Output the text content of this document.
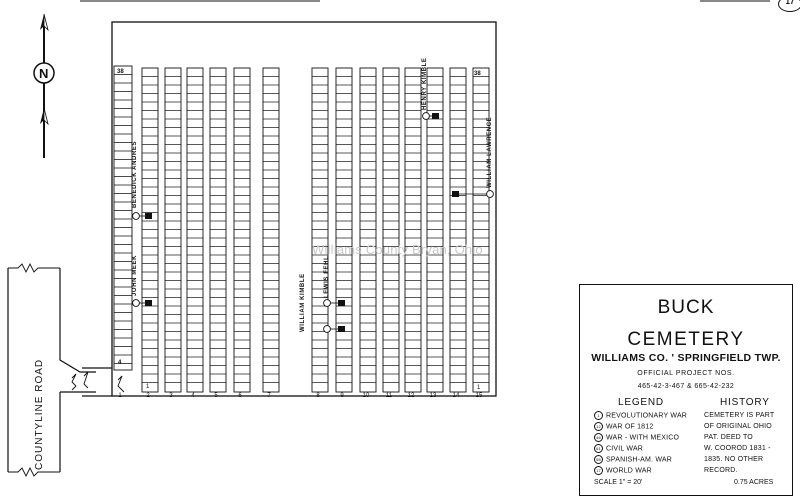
N	38	38
4
1	1
1	2	3	4	5	6	7	8	9	10	11	12	13	14	15
BENEDICK ANDRES
JOHN MEEK	WILLIAM KIMBLE	LEWIS FEHL
HENRY KIMBLE
WILLIAM LAWRENCE
COUNTYLINE ROAD
Williams County Bryan, Ohio
17
BUCK
CEMETERY
WILLIAMS CO. ' SPRINGFIELD TWP.
OFFICIAL PROJECT NOS.
465-42-3-467 & 665-42-232
LEGEND	HISTORY
1 REVOLUTIONARY WAR
12 WAR OF 1812
46 WAR - WITH MEXICO
61 CIVIL WAR
98 SPANISH-AM. WAR
17 WORLD WAR
CEMETERY IS PART
OF ORIGINAL OHIO
PAT. DEED TO
W. COOROD 1831 -
1835. NO OTHER
RECORD.
SCALE 1" = 20'	0.75 ACRES
